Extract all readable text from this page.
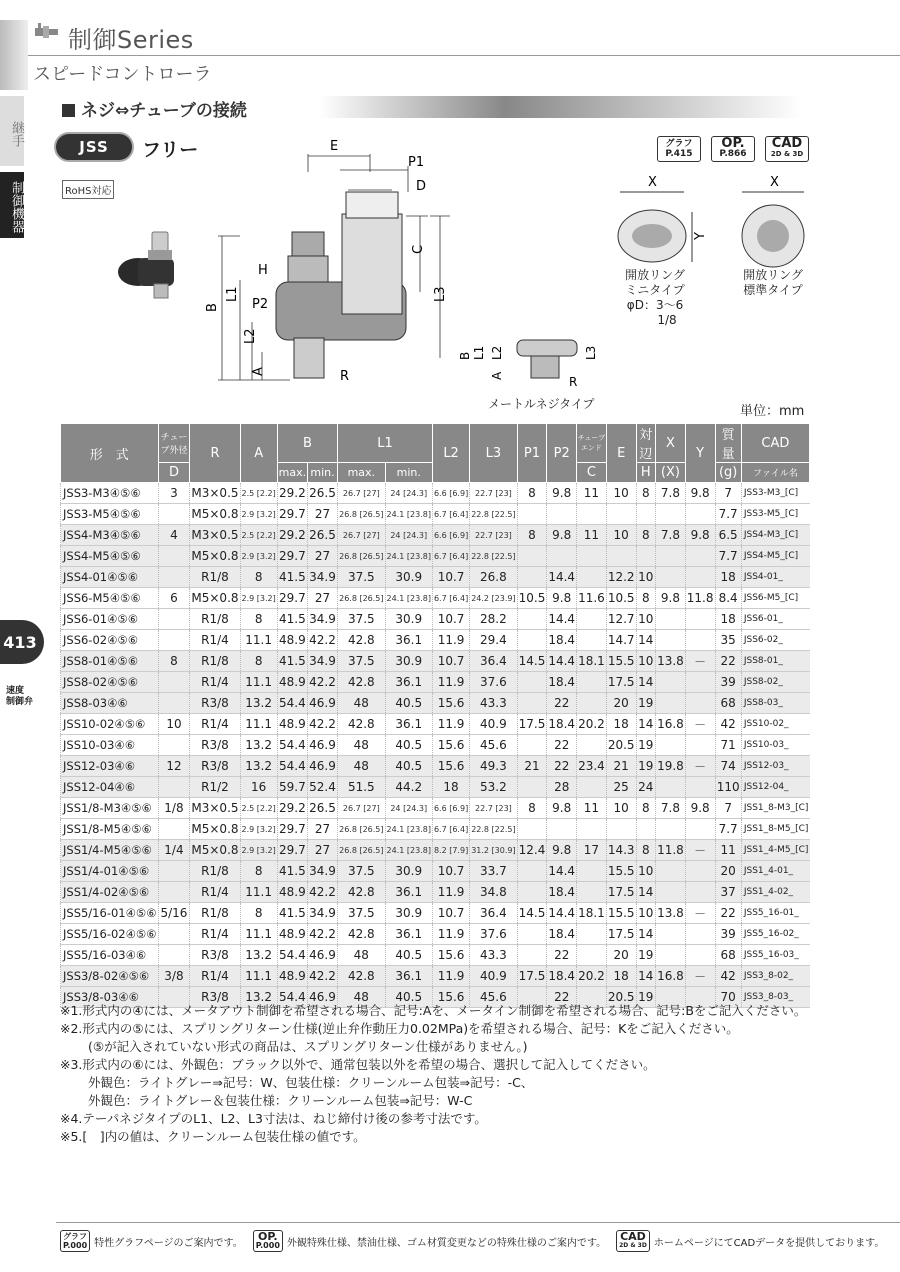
制御Series
スピードコントローラ
継手
制御機器
413
速度
制御弁
ネジ⇔チューブの接続
JSS	フリー
RoHS対応
E
P1
D
H
P2
R
C
L3
B
L1
L2
A
B L1 L2
A
L3
R
メートルネジタイプ
X	X
Y
開放リング
ミニタイプ
φD：3～6
1/8
開放リング
標準タイプ
グラフ
P.415
OP.
P.866
CAD
2D & 3D
単位：mm
形　式	チューブ外径	R	A	B		L1		L2	L3	P1	P2	チューブエンド	E	対辺	X	Y	質量	CAD
	D			max.	min.	max.	min.					C		H	(X)		(g)	ファイル名
JSS3-M3④⑤⑥	3	M3×0.5	2.5 [2.2]	29.2	26.5	26.7 [27]	24 [24.3]	6.6 [6.9]	22.7 [23]	8	9.8	11	10	8	7.8	9.8	7	JSS3-M3_[C]
JSS3-M5④⑤⑥		M5×0.8	2.9 [3.2]	29.7	27	26.8 [26.5]	24.1 [23.8]	6.7 [6.4]	22.8 [22.5]								7.7	JSS3-M5_[C]
JSS4-M3④⑤⑥	4	M3×0.5	2.5 [2.2]	29.2	26.5	26.7 [27]	24 [24.3]	6.6 [6.9]	22.7 [23]	8	9.8	11	10	8	7.8	9.8	6.5	JSS4-M3_[C]
JSS4-M5④⑤⑥		M5×0.8	2.9 [3.2]	29.7	27	26.8 [26.5]	24.1 [23.8]	6.7 [6.4]	22.8 [22.5]								7.7	JSS4-M5_[C]
JSS4-01④⑤⑥		R1/8	8	41.5	34.9	37.5	30.9	10.7	26.8		14.4		12.2	10			18	JSS4-01_
JSS6-M5④⑤⑥	6	M5×0.8	2.9 [3.2]	29.7	27	26.8 [26.5]	24.1 [23.8]	6.7 [6.4]	24.2 [23.9]	10.5	9.8	11.6	10.5	8	9.8	11.8	8.4	JSS6-M5_[C]
JSS6-01④⑤⑥		R1/8	8	41.5	34.9	37.5	30.9	10.7	28.2		14.4		12.7	10			18	JSS6-01_
JSS6-02④⑤⑥		R1/4	11.1	48.9	42.2	42.8	36.1	11.9	29.4		18.4		14.7	14			35	JSS6-02_
JSS8-01④⑤⑥	8	R1/8	8	41.5	34.9	37.5	30.9	10.7	36.4	14.5	14.4	18.1	15.5	10	13.8	－	22	JSS8-01_
JSS8-02④⑤⑥		R1/4	11.1	48.9	42.2	42.8	36.1	11.9	37.6		18.4		17.5	14			39	JSS8-02_
JSS8-03④⑥		R3/8	13.2	54.4	46.9	48	40.5	15.6	43.3		22		20	19			68	JSS8-03_
JSS10-02④⑤⑥	10	R1/4	11.1	48.9	42.2	42.8	36.1	11.9	40.9	17.5	18.4	20.2	18	14	16.8	－	42	JSS10-02_
JSS10-03④⑥		R3/8	13.2	54.4	46.9	48	40.5	15.6	45.6		22		20.5	19			71	JSS10-03_
JSS12-03④⑥	12	R3/8	13.2	54.4	46.9	48	40.5	15.6	49.3	21	22	23.4	21	19	19.8	－	74	JSS12-03_
JSS12-04④⑥		R1/2	16	59.7	52.4	51.5	44.2	18	53.2		28		25	24			110	JSS12-04_
JSS1/8-M3④⑤⑥	1/8	M3×0.5	2.5 [2.2]	29.2	26.5	26.7 [27]	24 [24.3]	6.6 [6.9]	22.7 [23]	8	9.8	11	10	8	7.8	9.8	7	JSS1_8-M3_[C]
JSS1/8-M5④⑤⑥		M5×0.8	2.9 [3.2]	29.7	27	26.8 [26.5]	24.1 [23.8]	6.7 [6.4]	22.8 [22.5]								7.7	JSS1_8-M5_[C]
JSS1/4-M5④⑤⑥	1/4	M5×0.8	2.9 [3.2]	29.7	27	26.8 [26.5]	24.1 [23.8]	8.2 [7.9]	31.2 [30.9]	12.4	9.8	17	14.3	8	11.8	－	11	JSS1_4-M5_[C]
JSS1/4-01④⑤⑥		R1/8	8	41.5	34.9	37.5	30.9	10.7	33.7		14.4		15.5	10			20	JSS1_4-01_
JSS1/4-02④⑤⑥		R1/4	11.1	48.9	42.2	42.8	36.1	11.9	34.8		18.4		17.5	14			37	JSS1_4-02_
JSS5/16-01④⑤⑥	5/16	R1/8	8	41.5	34.9	37.5	30.9	10.7	36.4	14.5	14.4	18.1	15.5	10	13.8	－	22	JSS5_16-01_
JSS5/16-02④⑤⑥		R1/4	11.1	48.9	42.2	42.8	36.1	11.9	37.6		18.4		17.5	14			39	JSS5_16-02_
JSS5/16-03④⑥		R3/8	13.2	54.4	46.9	48	40.5	15.6	43.3		22		20	19			68	JSS5_16-03_
JSS3/8-02④⑤⑥	3/8	R1/4	11.1	48.9	42.2	42.8	36.1	11.9	40.9	17.5	18.4	20.2	18	14	16.8	－	42	JSS3_8-02_
JSS3/8-03④⑥		R3/8	13.2	54.4	46.9	48	40.5	15.6	45.6		22		20.5	19			70	JSS3_8-03_
※1.形式内の④には、メータアウト制御を希望される場合、記号:Aを、メータイン制御を希望される場合、記号:Bをご記入ください。
※2.形式内の⑤には、スプリングリターン仕様(逆止弁作動圧力0.02MPa)を希望される場合、記号：Kをご記入ください。
(⑤が記入されていない形式の商品は、スプリングリターン仕様がありません。)
※3.形式内の⑥には、外観色：ブラック以外で、通常包装以外を希望の場合、選択して記入してください。
外観色：ライトグレー⇒記号：W、包装仕様：クリーンルーム包装⇒記号：-C、
外観色：ライトグレー＆包装仕様：クリーンルーム包装⇒記号：W-C
※4.テーパネジタイプのL1、L2、L3寸法は、ねじ締付け後の参考寸法です。
※5.[　]内の値は、クリーンルーム包装仕様の値です。
グラフ
P.000 特性グラフページのご案内です。 OP.
P.000 外観特殊仕様、禁油仕様、ゴム材質変更などの特殊仕様のご案内です。 CAD
2D & 3D ホームページにてCADデータを提供しております。
